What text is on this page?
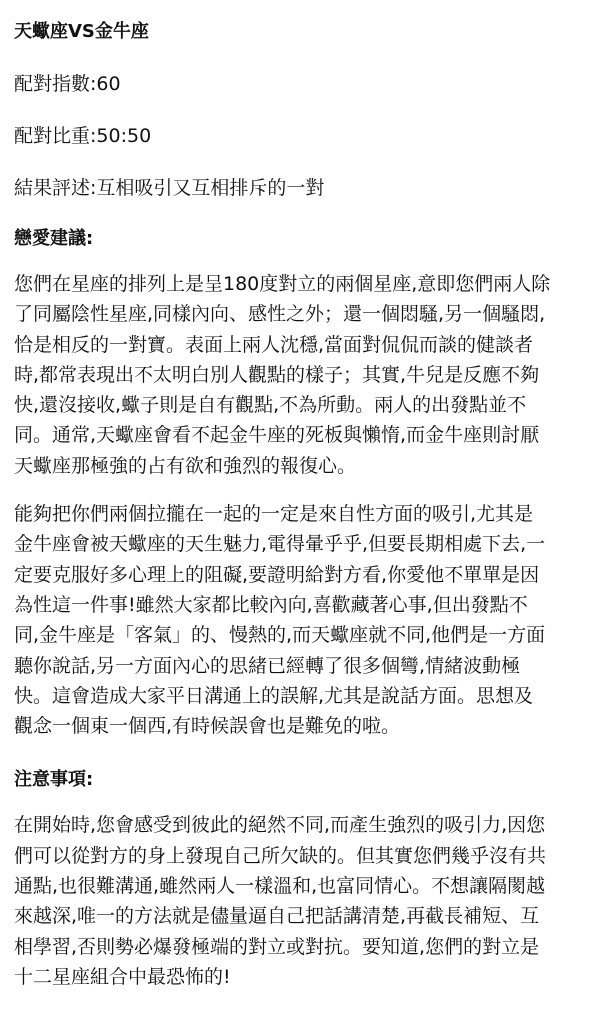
天蠍座VS金牛座
配對指數:60
配對比重:50:50
結果評述:互相吸引又互相排斥的一對
戀愛建議:
您們在星座的排列上是呈180度對立的兩個星座,意即您們兩人除
了同屬陰性星座,同樣內向、感性之外；還一個悶騷,另一個騷悶,
恰是相反的一對寶。表面上兩人沈穩,當面對侃侃而談的健談者
時,都常表現出不太明白別人觀點的樣子；其實,牛兒是反應不夠
快,還沒接收,蠍子則是自有觀點,不為所動。兩人的出發點並不
同。通常,天蠍座會看不起金牛座的死板與懶惰,而金牛座則討厭
天蠍座那極強的占有欲和強烈的報復心。
能夠把你們兩個拉攏在一起的一定是來自性方面的吸引,尤其是
金牛座會被天蠍座的天生魅力,電得暈乎乎,但要長期相處下去,一
定要克服好多心理上的阻礙,要證明給對方看,你愛他不單單是因
為性這一件事!雖然大家都比較內向,喜歡藏著心事,但出發點不
同,金牛座是「客氣」的、慢熱的,而天蠍座就不同,他們是一方面
聽你說話,另一方面內心的思緒已經轉了很多個彎,情緒波動極
快。這會造成大家平日溝通上的誤解,尤其是說話方面。思想及
觀念一個東一個西,有時候誤會也是難免的啦。
注意事項:
在開始時,您會感受到彼此的絕然不同,而產生強烈的吸引力,因您
們可以從對方的身上發現自己所欠缺的。但其實您們幾乎沒有共
通點,也很難溝通,雖然兩人一樣溫和,也富同情心。不想讓隔閡越
來越深,唯一的方法就是儘量逼自己把話講清楚,再截長補短、互
相學習,否則勢必爆發極端的對立或對抗。要知道,您們的對立是
十二星座組合中最恐怖的!
